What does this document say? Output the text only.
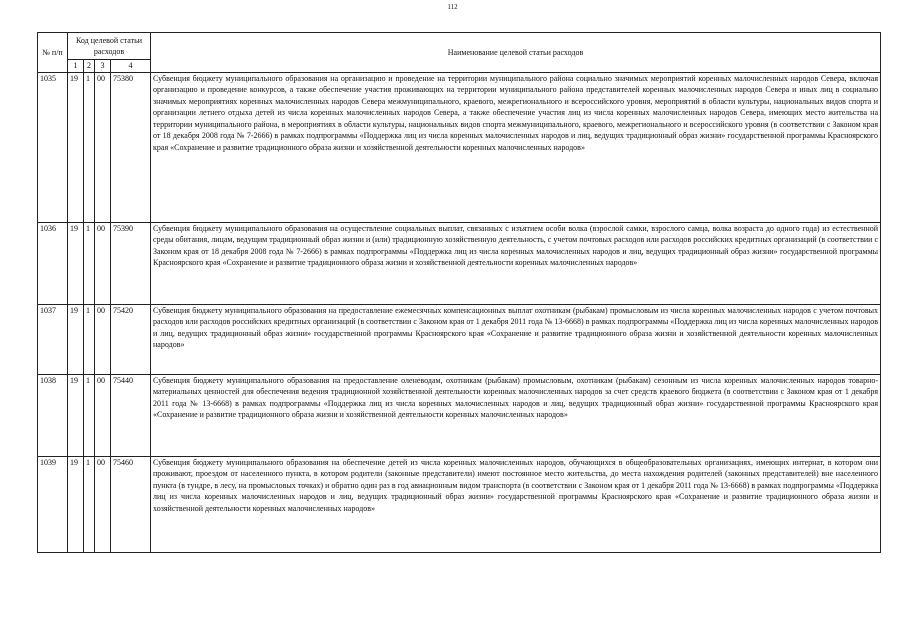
112
№ п/п	Код целевой статьи расходов				Наименование целевой статьи расходов
	1	2	3	4	
1035	19	1	00	75380	Субвенция бюджету муниципального образования на организацию и проведение на территории муниципального района социально значимых мероприятий коренных малочисленных народов Севера, включая организацию и проведение конкурсов, а также обеспечение участия проживающих на территории муниципального района представителей коренных малочисленных народов Севера и иных лиц в социально значимых мероприятиях коренных малочисленных народов Севера межмуниципального, краевого, межрегионального и всероссийского уровня, мероприятий в области культуры, национальных видов спорта и организации летнего отдыха детей из числа коренных малочисленных народов Севера, а также обеспечение участия лиц из числа коренных малочисленных народов Севера, имеющих место жительства на территории муниципального района, в мероприятиях в области культуры, национальных видов спорта межмуниципального, краевого, межрегионального и всероссийского уровня (в соответствии с Законом края от 18 декабря 2008 года № 7-2666) в рамках подпрограммы «Поддержка лиц из числа коренных малочисленных народов и лиц, ведущих традиционный образ жизни» государственной программы Красноярского края «Сохранение и развитие традиционного образа жизни и хозяйственной деятельности коренных малочисленных народов»
1036	19	1	00	75390	Субвенция бюджету муниципального образования на осуществление социальных выплат, связанных с изъятием особи волка (взрослой самки, взрослого самца, волка возраста до одного года) из естественной среды обитания, лицам, ведущим традиционный образ жизни и (или) традиционную хозяйственную деятельность, с учетом почтовых расходов или расходов российских кредитных организаций (в соответствии с Законом края от 18 декабря 2008 года № 7-2666) в рамках подпрограммы «Поддержка лиц из числа коренных малочисленных народов и лиц, ведущих традиционный образ жизни» государственной программы Красноярского края «Сохранение и развитие традиционного образа жизни и хозяйственной деятельности коренных малочисленных народов»
1037	19	1	00	75420	Субвенция бюджету муниципального образования на предоставление ежемесячных компенсационных выплат охотникам (рыбакам) промысловым из числа коренных малочисленных народов с учетом почтовых расходов или расходов российских кредитных организаций (в соответствии с Законом края от 1 декабря 2011 года № 13-6668) в рамках подпрограммы «Поддержка лиц из числа коренных малочисленных народов и лиц, ведущих традиционный образ жизни» государственной программы Красноярского края «Сохранение и развитие традиционного образа жизни и хозяйственной деятельности коренных малочисленных народов»
1038	19	1	00	75440	Субвенция бюджету муниципального образования на предоставление оленеводам, охотникам (рыбакам) промысловым, охотникам (рыбакам) сезонным из числа коренных малочисленных народов товарно-материальных ценностей для обеспечения ведения традиционной хозяйственной деятельности коренных малочисленных народов за счет средств краевого бюджета (в соответствии с Законом края от 1 декабря 2011 года № 13-6668) в рамках подпрограммы «Поддержка лиц из числа коренных малочисленных народов и лиц, ведущих традиционный образ жизни» государственной программы Красноярского края «Сохранение и развитие традиционного образа жизни и хозяйственной деятельности коренных малочисленных народов»
1039	19	1	00	75460	Субвенция бюджету муниципального образования на обеспечение детей из числа коренных малочисленных народов, обучающихся в общеобразовательных организациях, имеющих интернат, в котором они проживают, проездом от населенного пункта, в котором родители (законные представители) имеют постоянное место жительства, до места нахождения родителей (законных представителей) вне населенного пункта (в тундре, в лесу, на промысловых точках) и обратно один раз в год авиационным видом транспорта (в соответствии с Законом края от 1 декабря 2011 года № 13-6668) в рамках подпрограммы «Поддержка лиц из числа коренных малочисленных народов и лиц, ведущих традиционный образ жизни» государственной программы Красноярского края «Сохранение и развитие традиционного образа жизни и хозяйственной деятельности коренных малочисленных народов»
